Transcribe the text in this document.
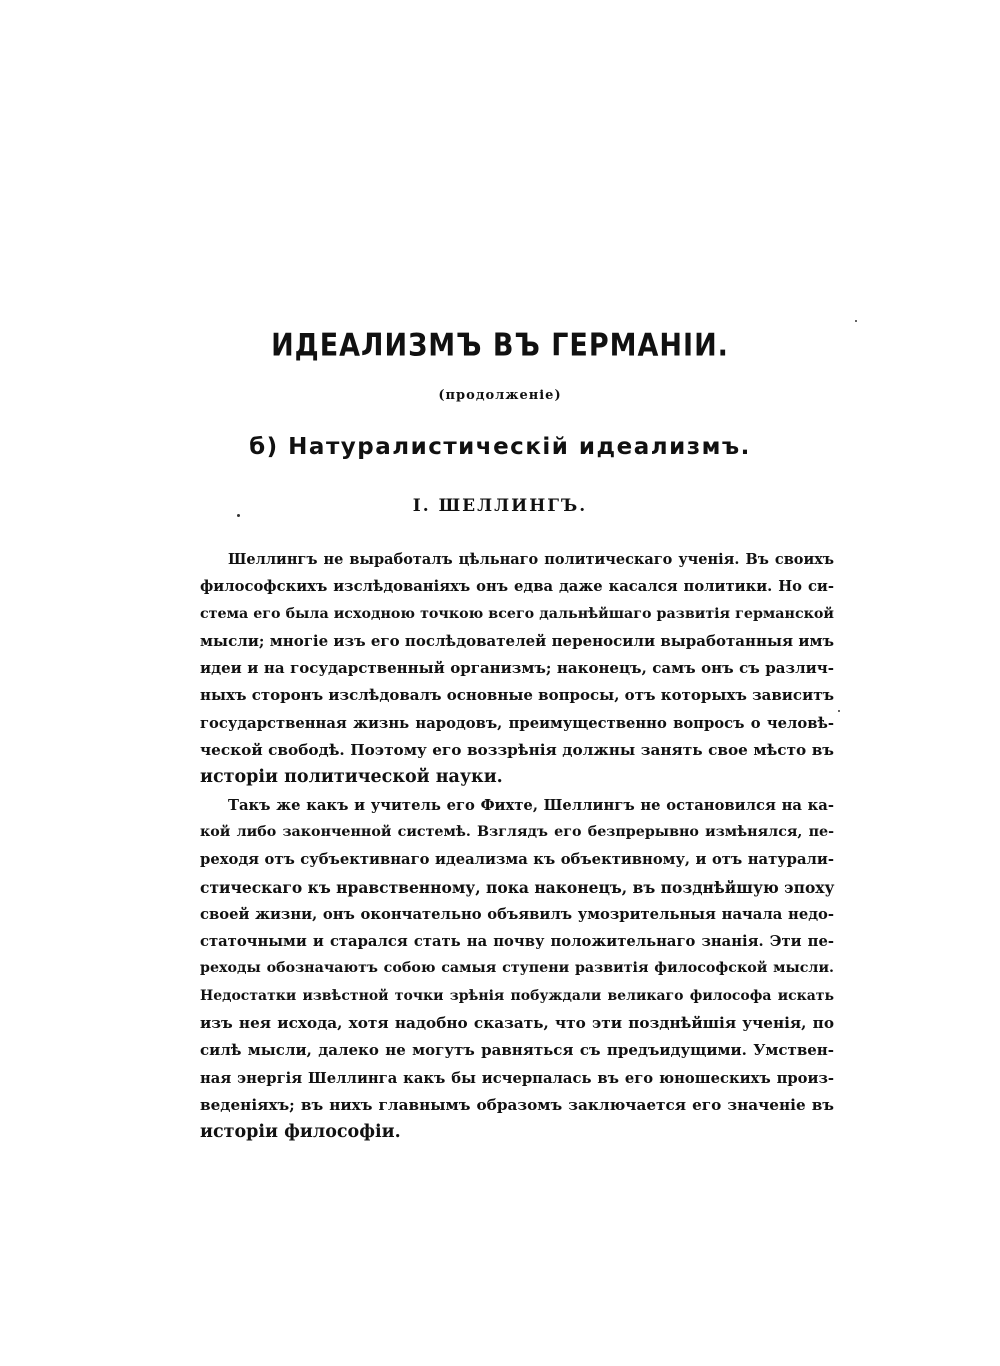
ИДЕАЛИЗМЪ ВЪ ГЕРМАНІИ.
(продолженіе)
б) Натуралистическій идеализмъ.
I. ШЕЛЛИНГЪ.
Шеллингъ не выработалъ цѣльнаго политическаго ученія. Въ своихъ
философскихъ изслѣдованіяхъ онъ едва даже касался политики. Но си-
стема его была исходною точкою всего дальнѣйшаго развитія германской
мысли; многіе изъ его послѣдователей переносили выработанныя имъ
идеи и на государственный организмъ; наконецъ, самъ онъ съ различ-
ныхъ сторонъ изслѣдовалъ основные вопросы, отъ которыхъ зависитъ
государственная жизнь народовъ, преимущественно вопросъ о человѣ-
ческой свободѣ. Поэтому его воззрѣнія должны занять свое мѣсто въ
исторіи политической науки.
Такъ же какъ и учитель его Фихте, Шеллингъ не остановился на ка-
кой либо законченной системѣ. Взглядъ его безпрерывно измѣнялся, пе-
реходя отъ субъективнаго идеализма къ объективному, и отъ натурали-
стическаго къ нравственному, пока наконецъ, въ позднѣйшую эпоху
своей жизни, онъ окончательно объявилъ умозрительныя начала недо-
статочными и старался стать на почву положительнаго знанія. Эти пе-
реходы обозначаютъ собою самыя ступени развитія философской мысли.
Недостатки извѣстной точки зрѣнія побуждали великаго философа искать
изъ нея исхода, хотя надобно сказать, что эти позднѣйшія ученія, по
силѣ мысли, далеко не могутъ равняться съ предъидущими. Умствен-
ная энергія Шеллинга какъ бы исчерпалась въ его юношескихъ произ-
веденіяхъ; въ нихъ главнымъ образомъ заключается его значеніе въ
исторіи философіи.
